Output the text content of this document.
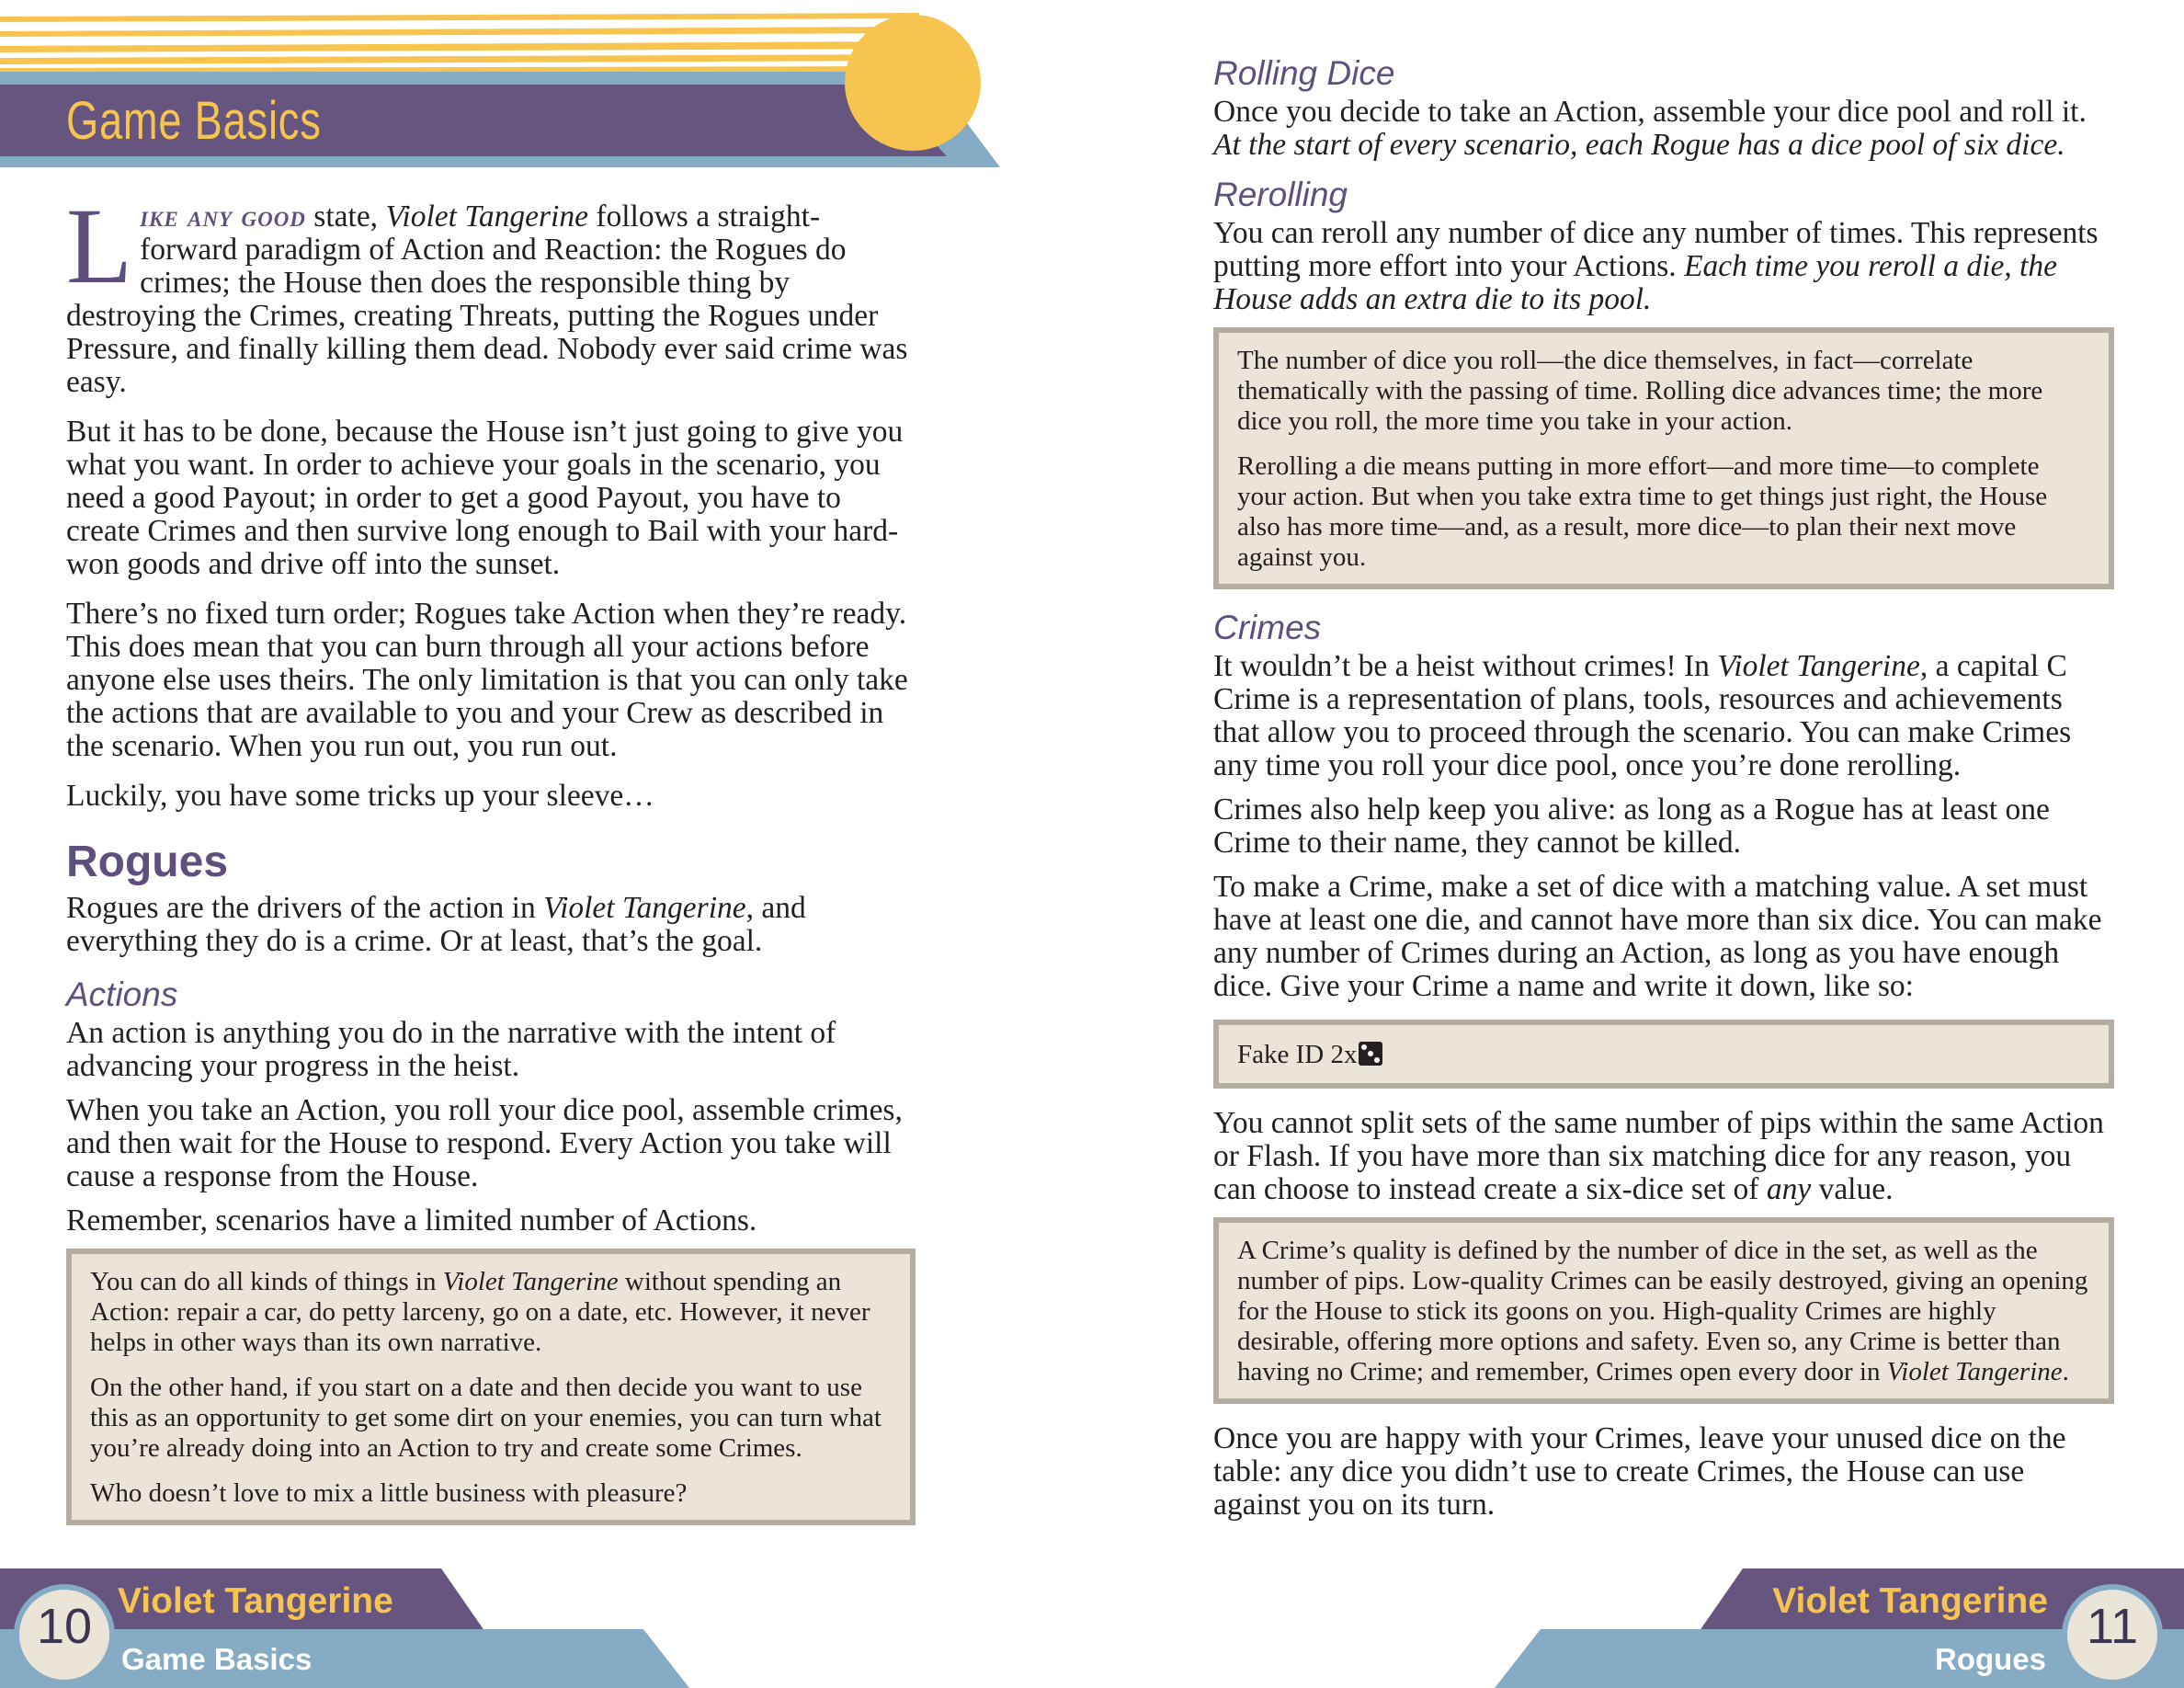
Game Basics

Like any good state, Violet Tangerine follows a straight-forward paradigm of Action and Reaction: the Rogues do crimes; the House then does the responsible thing by destroying the Crimes, creating Threats, putting the Rogues under Pressure, and finally killing them dead. Nobody ever said crime was easy.

But it has to be done, because the House isn’t just going to give you what you want. In order to achieve your goals in the scenario, you need a good Payout; in order to get a good Payout, you have to create Crimes and then survive long enough to Bail with your hard-won goods and drive off into the sunset.

There’s no fixed turn order; Rogues take Action when they’re ready. This does mean that you can burn through all your actions before anyone else uses theirs. The only limitation is that you can only take the actions that are available to you and your Crew as described in the scenario. When you run out, you run out.

Luckily, you have some tricks up your sleeve…

Rogues

Rogues are the drivers of the action in Violet Tangerine, and everything they do is a crime. Or at least, that’s the goal.

Actions

An action is anything you do in the narrative with the intent of advancing your progress in the heist.

When you take an Action, you roll your dice pool, assemble crimes, and then wait for the House to respond. Every Action you take will cause a response from the House.

Remember, scenarios have a limited number of Actions.

You can do all kinds of things in Violet Tangerine without spending an Action: repair a car, do petty larceny, go on a date, etc. However, it never helps in other ways than its own narrative.

On the other hand, if you start on a date and then decide you want to use this as an opportunity to get some dirt on your enemies, you can turn what you’re already doing into an Action to try and create some Crimes.

Who doesn’t love to mix a little business with pleasure?

Rolling Dice

Once you decide to take an Action, assemble your dice pool and roll it. At the start of every scenario, each Rogue has a dice pool of six dice.

Rerolling

You can reroll any number of dice any number of times. This represents putting more effort into your Actions. Each time you reroll a die, the House adds an extra die to its pool.

The number of dice you roll—the dice themselves, in fact—correlate thematically with the passing of time. Rolling dice advances time; the more dice you roll, the more time you take in your action.

Rerolling a die means putting in more effort—and more time—to complete your action. But when you take extra time to get things just right, the House also has more time—and, as a result, more dice—to plan their next move against you.

Crimes

It wouldn’t be a heist without crimes! In Violet Tangerine, a capital C Crime is a representation of plans, tools, resources and achievements that allow you to proceed through the scenario. You can make Crimes any time you roll your dice pool, once you’re done rerolling.

Crimes also help keep you alive: as long as a Rogue has at least one Crime to their name, they cannot be killed.

To make a Crime, make a set of dice with a matching value. A set must have at least one die, and cannot have more than six dice. You can make any number of Crimes during an Action, as long as you have enough dice. Give your Crime a name and write it down, like so:

Fake ID 2x

You cannot split sets of the same number of pips within the same Action or Flash. If you have more than six matching dice for any reason, you can choose to instead create a six-dice set of any value.

A Crime’s quality is defined by the number of dice in the set, as well as the number of pips. Low-quality Crimes can be easily destroyed, giving an opening for the House to stick its goons on you. High-quality Crimes are highly desirable, offering more options and safety. Even so, any Crime is better than having no Crime; and remember, Crimes open every door in Violet Tangerine.

Once you are happy with your Crimes, leave your unused dice on the table: any dice you didn’t use to create Crimes, the House can use against you on its turn.

Violet Tangerine
Game Basics
10	Violet Tangerine
Rogues
11
